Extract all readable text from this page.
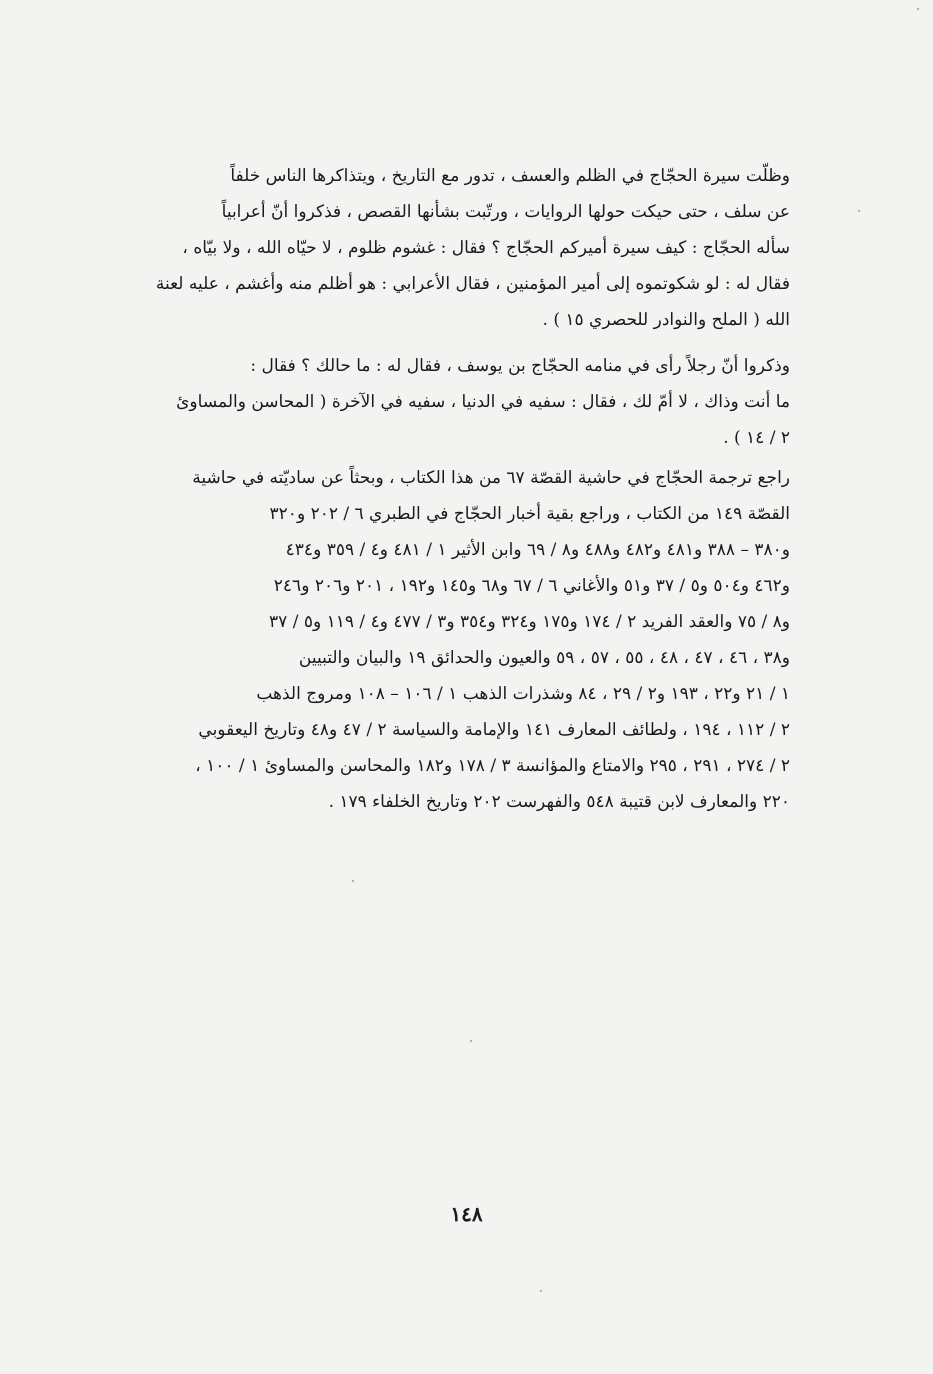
وظلّت سيرة الحجّاج في الظلم والعسف ، تدور مع التاريخ ، ويتذاكرها الناس خلفاً
عن سلف ، حتى حيكت حولها الروايات ، ورتّبت بشأنها القصص ، فذكروا أنّ أعرابياً
سأله الحجّاج : كيف سيرة أميركم الحجّاج ؟ فقال : غشوم ظلوم ، لا حيّاه الله ، ولا بيّاه ،
فقال له : لو شكوتموه إلى أمير المؤمنين ، فقال الأعرابي : هو أظلم منه وأغشم ، عليه لعنة
الله ( الملح والنوادر للحصري ١٥ ) .
وذكروا أنّ رجلاً رأى في منامه الحجّاج بن يوسف ، فقال له : ما حالك ؟ فقال :
ما أنت وذاك ، لا أمّ لك ، فقال : سفيه في الدنيا ، سفيه في الآخرة ( المحاسن والمساوئ
٢ / ١٤ ) .
راجع ترجمة الحجّاج في حاشية القصّة ٦٧ من هذا الكتاب ، وبحثاً عن ساديّته في حاشية
القصّة ١٤٩ من الكتاب ، وراجع بقية أخبار الحجّاج في الطبري ٦ / ٢٠٢ و٣٢٠
و٣٨٠ – ٣٨٨ و٤٨١ و٤٨٢ و٤٨٨ و٨ / ٦٩ وابن الأثير ١ / ٤٨١ و٤ / ٣٥٩ و٤٣٤
و٤٦٢ و٥٠٤ و٥ / ٣٧ و٥١ والأغاني ٦ / ٦٧ و٦٨ و١٤٥ و١٩٢ ، ٢٠١ و٢٠٦ و٢٤٦
و٨ / ٧٥ والعقد الفريد ٢ / ١٧٤ و١٧٥ و٣٢٤ و٣٥٤ و٣ / ٤٧٧ و٤ / ١١٩ و٥ / ٣٧
و٣٨ ، ٤٦ ، ٤٧ ، ٤٨ ، ٥٥ ، ٥٧ ، ٥٩ والعيون والحدائق ١٩ والبيان والتبيين
١ / ٢١ و٢٢ ، ١٩٣ و٢ / ٢٩ ، ٨٤ وشذرات الذهب ١ / ١٠٦ – ١٠٨ ومروج الذهب
٢ / ١١٢ ، ١٩٤ ، ولطائف المعارف ١٤١ والإمامة والسياسة ٢ / ٤٧ و٤٨ وتاريخ اليعقوبي
٢ / ٢٧٤ ، ٢٩١ ، ٢٩٥ والامتاع والمؤانسة ٣ / ١٧٨ و١٨٢ والمحاسن والمساوئ ١ / ١٠٠ ،
٢٢٠ والمعارف لابن قتيبة ٥٤٨ والفهرست ٢٠٢ وتاريخ الخلفاء ١٧٩ .
١٤٨
